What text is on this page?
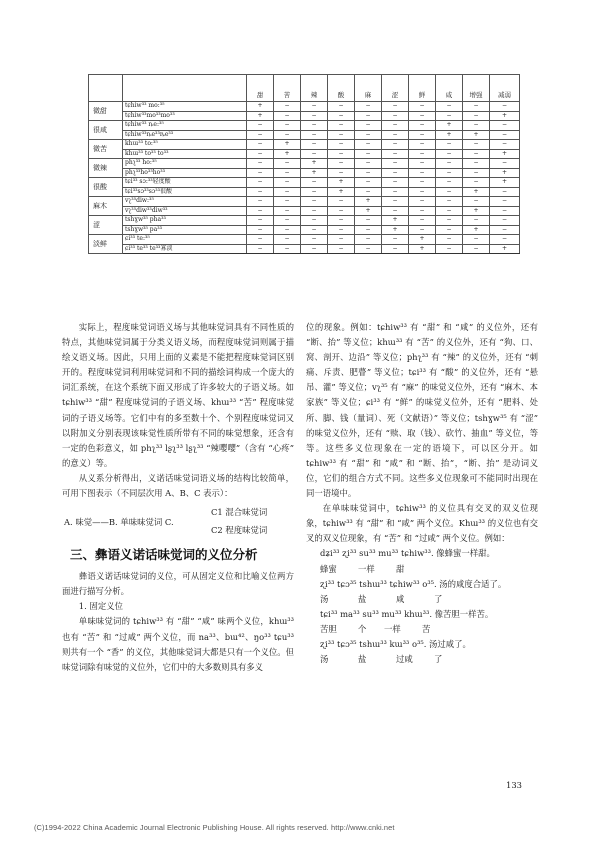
		甜	苦	辣	酸	麻	涩	鲜	咸	增强	减弱
微甜	tɕhiw³³ mo:³⁵	+	−	−	−	−	−	−	−	−	−
	tɕhiw³³mo³³mo³³	+	−	−	−	−	−	−	−	−	+
很咸	tɕhiw³³ ȵe:³⁵	−	−	−	−	−	−	−	+	−	−
	tɕhiw³³ȵe³³ȵe³³	−	−	−	−	−	−	−	+	+	−
微苦	khɯ³³ to:³⁵	−	+	−	−	−	−	−	−	−	−
	khɯ³³ to³³ to³³	−	+	−	−	−	−	−	−	−	+
微辣	phʅ³³ ho:³⁵	−	−	+	−	−	−	−	−	−	−
	phʅ³³ho³³ho³³	−	−	+	−	−	−	−	−	−	+
很酸	tɕi³³ sɔ:³³轻度酸	−	−	−	+	−	−	−	−	−	+
	tɕi³³sɔ³³sɔ³³很酸	−	−	−	+	−	−	−	−	+	−
麻木	vʅ³⁵diw:³⁵	−	−	−	−	+	−	−	−	−	−
	vʅ³⁵diw³³diw³³	−	−	−	−	+	−	−	−	+	−
涩	tshɣw³⁵ pha³³	−	−	−	−	−	+	−	−	−	−
	tshɣw³⁵ pa³³	−	−	−	−	−	+	−	−	+	−
淡鲜	ɕi³³ te:³⁵	−	−	−	−	−	−	+	−	−	−
	ɕi³³ te³³ te³³寡淡	−	−	−	−	−	−	+	−	−	+

实际上，程度味觉词语义场与其他味觉词具有不同性质的特点，其他味觉词属于分类义语义场，而程度味觉词则属于描绘义语义场。因此，只用上面的义素是不能把程度味觉词区别开的。程度味觉词利用味觉词和不同的描绘词构成一个庞大的词汇系统，在这个系统下面又形成了许多较大的子语义场。如 tɕhiw³³ “甜” 程度味觉词的子语义场、khɯ³³ “苦” 程度味觉词的子语义场等。它们中有的多至数十个、个别程度味觉词又以附加义分别表现该味觉性质所带有不同的味觉想象，还含有一定的色彩意义，如 phʅ³³ lʂʅ³³ lʂʅ³³ “辣嘤嘤”（含有 “心疼” 的意义）等。

从义系分析得出，义诺话味觉词语义场的结构比较简单，可用下图表示（不同层次用 A、B、C 表示）：

A. 味觉——B. 单味味觉词 C.
C1 混合味觉词
C2 程度味觉词

三、彝语义诺话味觉词的义位分析

彝语义诺话味觉词的义位，可从固定义位和比喻义位两方面进行描写分析。

1. 固定义位

单味味觉词的 tɕhiw³³ 有 “甜” “咸” 味两个义位，khɯ³³ 也有 “苦” 和 “过咸” 两个义位，而 na³³、bɯ⁴²、ŋo³³ tɕu³³ 则共有一个 “香” 的义位，其他味觉词大都是只有一个义位。但味觉词除有味觉的义位外，它们中的大多数则具有多义

位的现象。例如：tɕhiw³³ 有 “甜” 和 “咸” 的义位外，还有 “断、抬” 等义位；khɯ³³ 有 “苦” 的义位外，还有 “狗、口、窝、剖开、边沿” 等义位；phʅ³³ 有 “辣” 的义位外，还有 “刺痛、斥责、肥瞢” 等义位；tɕi³³ 有 “酸” 的义位外，还有 “悬吊、灌” 等义位；vʅ³⁵ 有 “麻” 的味觉义位外，还有 “麻木、本家族” 等义位；ɕi³³ 有 “鲜” 的味觉义位外，还有 “肥料、处所、脚、钱（量词）、死（文献语）” 等义位；tshɣw³⁵ 有 “涩” 的味觉义位外，还有 “赎、取（钱）、砍竹、抽血” 等义位，等等。这些多义位现象在一定的语境下，可以区分开。如 tɕhiw³³ 有 “甜” 和 “咸” 和 “断、抬”，“断、抬” 是动词义位，它们的组合方式不同。这些多义位现象可不能同时出现在同一语境中。

在单味味觉词中，tɕhiw³³ 的义位具有交叉的双义位现象，tɕhiw³³ 有 “甜” 和 “咸” 两个义位。Khɯ³³ 的义位也有交叉的双义位现象，有 “苦” 和 “过咸” 两个义位。例如：

dʑi³³ ʐi³³ su³³ mu³³ tɕhiw³³. 像蜂蜜一样甜。

蜂蜜	一样	甜

ʐi³³ tɕɔ³⁵ tshɯ³³ tɕhiw³³ o³⁵. 汤的咸度合适了。

汤	盐	咸	了

tɕi³³ ma³³ su³³ mu³³ khɯ³³. 像苦胆一样苦。

苦胆	个 一样	苦

ʐi³³ tɕɔ³⁵ tshɯ³³ kɯ³³ o³⁵. 汤过咸了。

汤	盐	过咸	了

133
(C)1994-2022 China Academic Journal Electronic Publishing House. All rights reserved. http://www.cnki.net
